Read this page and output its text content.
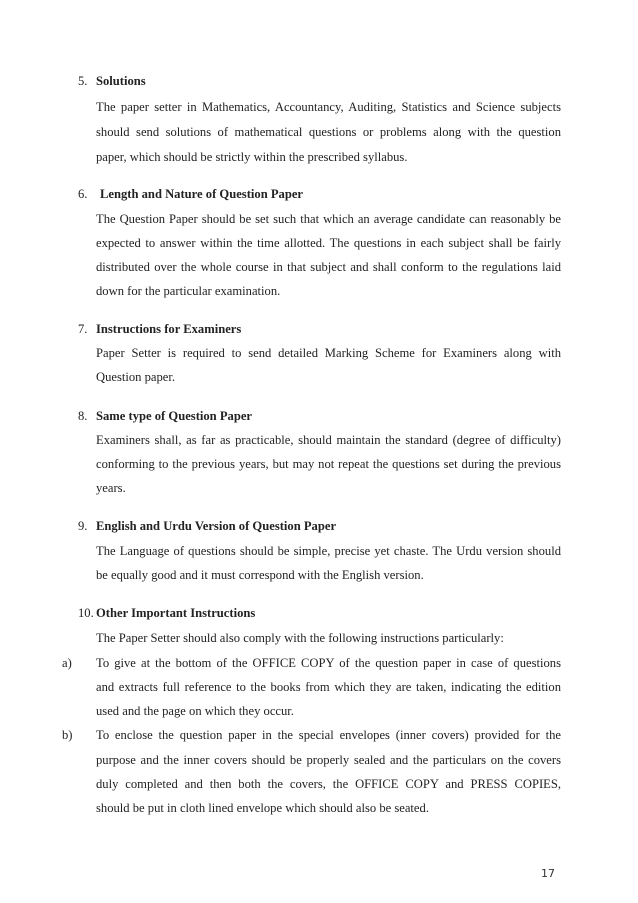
5. Solutions
The paper setter in Mathematics, Accountancy, Auditing, Statistics and Science subjects
should send solutions of mathematical questions or problems along with the question
paper, which should be strictly within the prescribed syllabus.
6. Length and Nature of Question Paper
The Question Paper should be set such that which an average candidate can reasonably be
expected to answer within the time allotted. The questions in each subject shall be fairly
distributed over the whole course in that subject and shall conform to the regulations laid
down for the particular examination.
7. Instructions for Examiners
Paper Setter is required to send detailed Marking Scheme for Examiners along with
Question paper.
8. Same type of Question Paper
Examiners shall, as far as practicable, should maintain the standard (degree of difficulty)
conforming to the previous years, but may not repeat the questions set during the previous
years.
9. English and Urdu Version of Question Paper
The Language of questions should be simple, precise yet chaste. The Urdu version should
be equally good and it must correspond with the English version.
10. Other Important Instructions
The Paper Setter should also comply with the following instructions particularly:
a) To give at the bottom of the OFFICE COPY of the question paper in case of questions
and extracts full reference to the books from which they are taken, indicating the edition
used and the page on which they occur.
b) To enclose the question paper in the special envelopes (inner covers) provided for the
purpose and the inner covers should be properly sealed and the particulars on the covers
duly completed and then both the covers, the OFFICE COPY and PRESS COPIES,
should be put in cloth lined envelope which should also be seated.
17
